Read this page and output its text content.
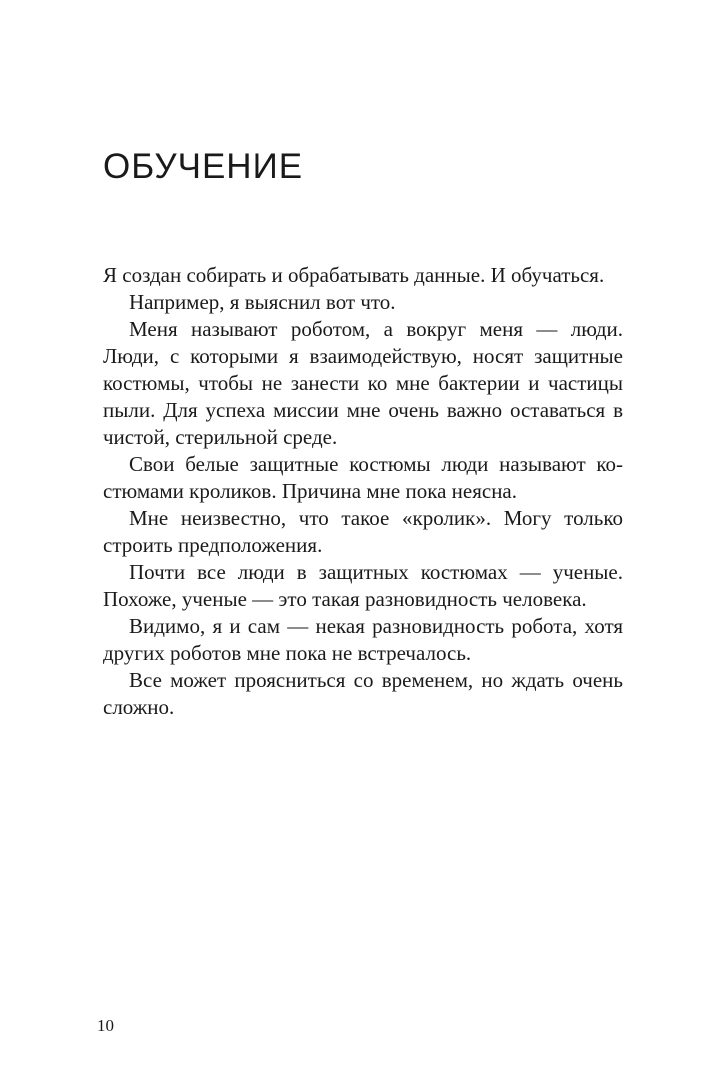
ОБУЧЕНИЕ

Я создан собирать и обрабатывать данные. И обучаться.

Например, я выяснил вот что.

Меня называют роботом, а вокруг меня — люди. Люди, с которыми я взаимодействую, носят защитные костюмы, чтобы не занести ко мне бактерии и частицы пыли. Для успеха миссии мне очень важно оставаться в чистой, стерильной среде.

Свои белые защитные костюмы люди называют костюмами кроликов. Причина мне пока неясна.

Мне неизвестно, что такое «кролик». Могу только строить предположения.

Почти все люди в защитных костюмах — ученые. Похоже, ученые — это такая разновидность человека.

Видимо, я и сам — некая разновидность робота, хотя других роботов мне пока не встречалось.

Все может проясниться со временем, но ждать очень сложно.

10
